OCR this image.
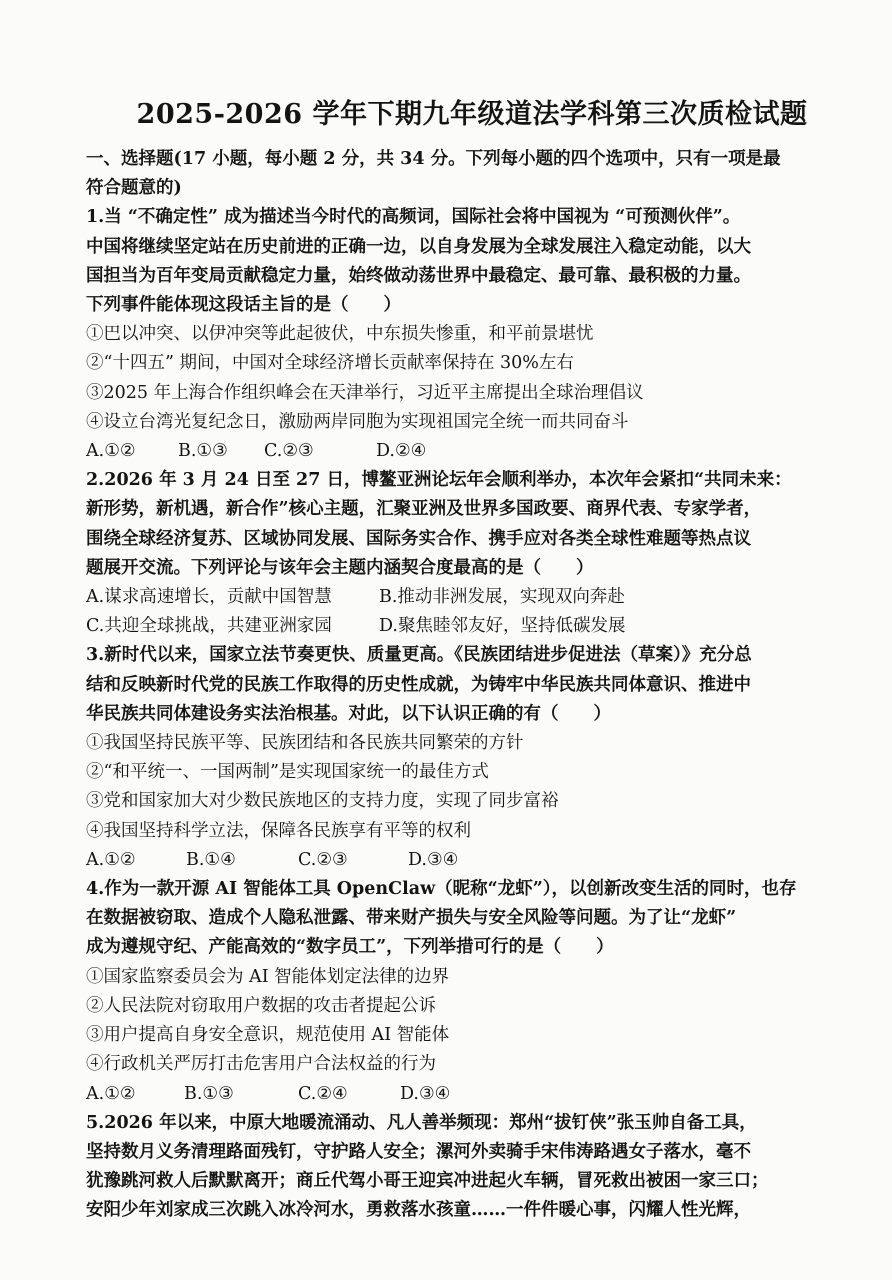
2025-2026 学年下期九年级道法学科第三次质检试题
一、选择题(17 小题，每小题 2 分，共 34 分。下列每小题的四个选项中，只有一项是最
符合题意的)
1.当 “不确定性” 成为描述当今时代的高频词，国际社会将中国视为 “可预测伙伴”。
中国将继续坚定站在历史前进的正确一边，以自身发展为全球发展注入稳定动能，以大
国担当为百年变局贡献稳定力量，始终做动荡世界中最稳定、最可靠、最积极的力量。
下列事件能体现这段话主旨的是（　　）
①巴以冲突、以伊冲突等此起彼伏，中东损失惨重，和平前景堪忧
②“十四五” 期间，中国对全球经济增长贡献率保持在 30%左右
③2025 年上海合作组织峰会在天津举行，习近平主席提出全球治理倡议
④设立台湾光复纪念日，激励两岸同胞为实现祖国完全统一而共同奋斗
A.①②	B.①③	C.②③	D.②④
2.2026 年 3 月 24 日至 27 日，博鳌亚洲论坛年会顺利举办，本次年会紧扣“共同未来：
新形势，新机遇，新合作”核心主题，汇聚亚洲及世界多国政要、商界代表、专家学者，
围绕全球经济复苏、区域协同发展、国际务实合作、携手应对各类全球性难题等热点议
题展开交流。下列评论与该年会主题内涵契合度最高的是（　　）
A.谋求高速增长，贡献中国智慧	B.推动非洲发展，实现双向奔赴
C.共迎全球挑战，共建亚洲家园	D.聚焦睦邻友好，坚持低碳发展
3.新时代以来，国家立法节奏更快、质量更高。《民族团结进步促进法（草案）》充分总
结和反映新时代党的民族工作取得的历史性成就，为铸牢中华民族共同体意识、推进中
华民族共同体建设务实法治根基。对此，以下认识正确的有（　　）
①我国坚持民族平等、民族团结和各民族共同繁荣的方针
②“和平统一、一国两制”是实现国家统一的最佳方式
③党和国家加大对少数民族地区的支持力度，实现了同步富裕
④我国坚持科学立法，保障各民族享有平等的权利
A.①②	B.①④	C.②③	D.③④
4.作为一款开源 AI 智能体工具 OpenClaw（昵称“龙虾”），以创新改变生活的同时，也存
在数据被窃取、造成个人隐私泄露、带来财产损失与安全风险等问题。为了让“龙虾”
成为遵规守纪、产能高效的“数字员工”，下列举措可行的是（　　）
①国家监察委员会为 AI 智能体划定法律的边界
②人民法院对窃取用户数据的攻击者提起公诉
③用户提高自身安全意识，规范使用 AI 智能体
④行政机关严厉打击危害用户合法权益的行为
A.①②	B.①③	C.②④	D.③④
5.2026 年以来，中原大地暖流涌动、凡人善举频现：郑州“拔钉侠”张玉帅自备工具，
坚持数月义务清理路面残钉，守护路人安全；漯河外卖骑手宋伟涛路遇女子落水，毫不
犹豫跳河救人后默默离开；商丘代驾小哥王迎宾冲进起火车辆，冒死救出被困一家三口；
安阳少年刘家成三次跳入冰冷河水，勇救落水孩童……一件件暖心事，闪耀人性光辉，
